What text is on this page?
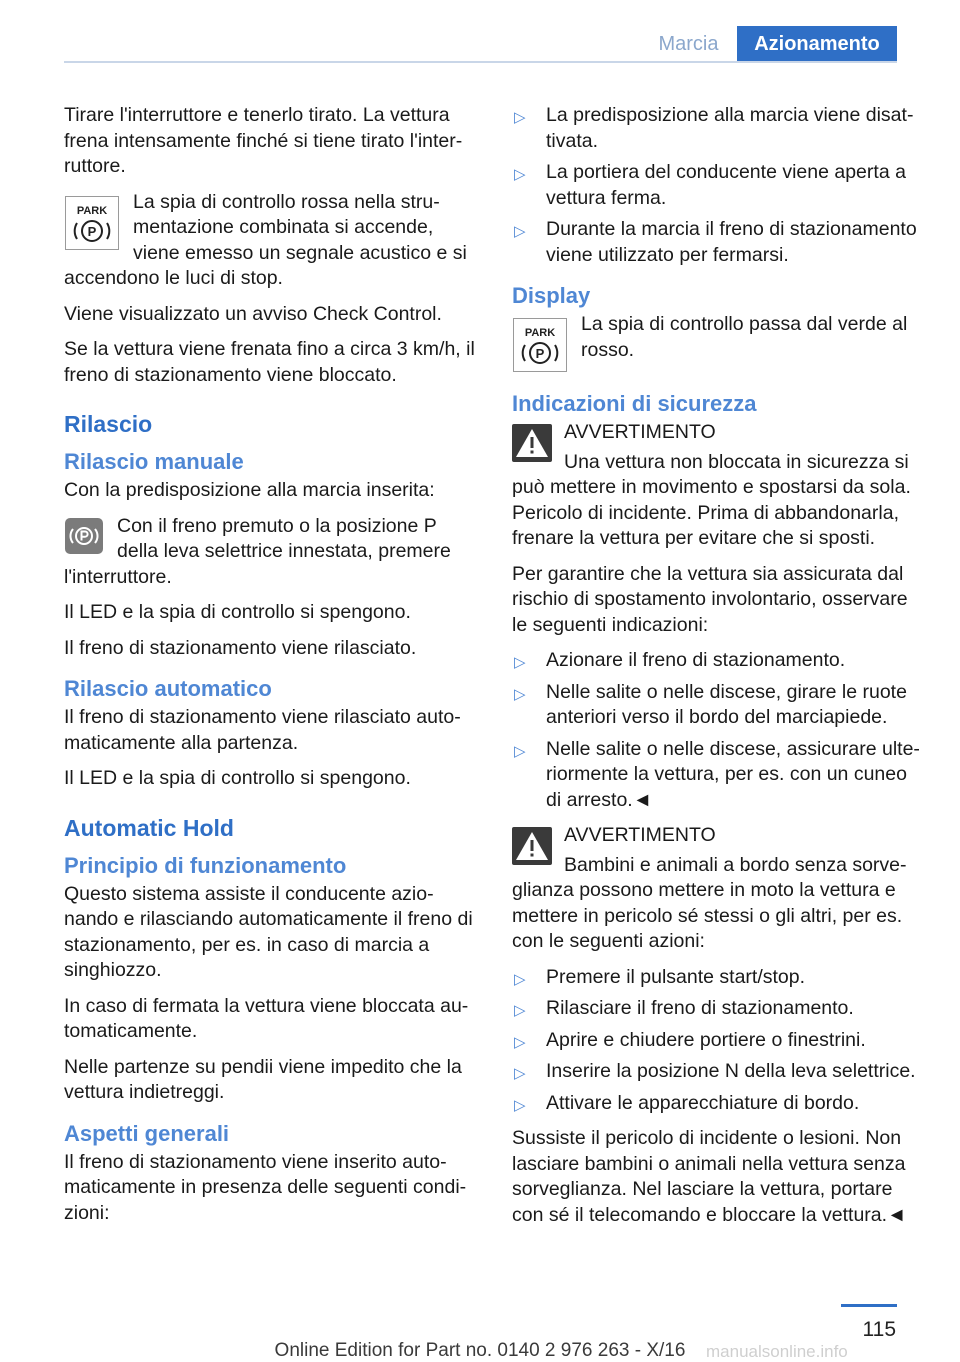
Marcia	Azionamento

Tirare l'interruttore e tenerlo tirato. La vettura frena intensamente finché si tiene tirato l'inter-ruttore.

PARK
P

La spia di controllo rossa nella stru-mentazione combinata si accende, viene emesso un segnale acustico e si accendono le luci di stop.

Viene visualizzato un avviso Check Control.

Se la vettura viene frenata fino a circa 3 km/h, il freno di stazionamento viene bloccato.

Rilascio
Rilascio manuale

Con la predisposizione alla marcia inserita:

Con il freno premuto o la posizione P della leva selettrice innestata, premere l'interruttore.

Il LED e la spia di controllo si spengono.

Il freno di stazionamento viene rilasciato.

Rilascio automatico

Il freno di stazionamento viene rilasciato auto-maticamente alla partenza.

Il LED e la spia di controllo si spengono.

Automatic Hold
Principio di funzionamento

Questo sistema assiste il conducente azio-nando e rilasciando automaticamente il freno di stazionamento, per es. in caso di marcia a singhiozzo.

In caso di fermata la vettura viene bloccata au-tomaticamente.

Nelle partenze su pendii viene impedito che la vettura indietreggi.

Aspetti generali

Il freno di stazionamento viene inserito auto-maticamente in presenza delle seguenti condi-zioni:

▷ La predisposizione alla marcia viene disat-tivata.
▷ La portiera del conducente viene aperta a vettura ferma.
▷ Durante la marcia il freno di stazionamento viene utilizzato per fermarsi.
Display
PARK
P

La spia di controllo passa dal verde al rosso.

Indicazioni di sicurezza

AVVERTIMENTO

Una vettura non bloccata in sicurezza si può mettere in movimento e spostarsi da sola. Pericolo di incidente. Prima di abbandonarla, frenare la vettura per evitare che si sposti.

Per garantire che la vettura sia assicurata dal rischio di spostamento involontario, osservare le seguenti indicazioni:

▷ Azionare il freno di stazionamento.
▷ Nelle salite o nelle discese, girare le ruote anteriori verso il bordo del marciapiede.
▷ Nelle salite o nelle discese, assicurare ulte-riormente la vettura, per es. con un cuneo di arresto.◄

AVVERTIMENTO

Bambini e animali a bordo senza sorve-glianza possono mettere in moto la vettura e mettere in pericolo sé stessi o gli altri, per es. con le seguenti azioni:

▷ Premere il pulsante start/stop.
▷ Rilasciare il freno di stazionamento.
▷ Aprire e chiudere portiere o finestrini.
▷ Inserire la posizione N della leva selettrice.
▷ Attivare le apparecchiature di bordo.

Sussiste il pericolo di incidente o lesioni. Non lasciare bambini o animali nella vettura senza sorveglianza. Nel lasciare la vettura, portare con sé il telecomando e bloccare la vettura.◄

115
Online Edition for Part no. 0140 2 976 263 - X/16	manualsonline.info
